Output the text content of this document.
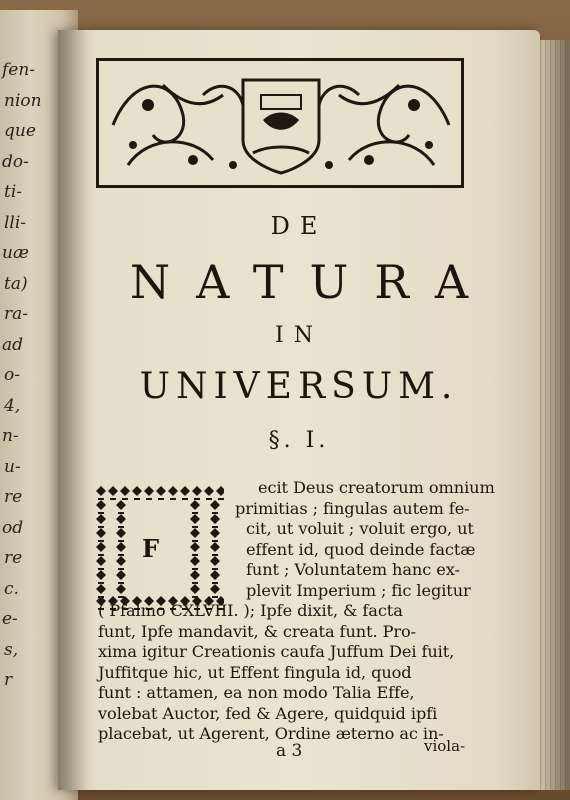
fen-
nion
que
do-
ti-
lli-
uæ
ta)
ra-
ad
o-
4,
n-
u-
re
od
re
c.
e-
s,
r
DE
NATURA
IN
UNIVERSUM.
§. I.
F
ecit Deus creatorum omnium
primitias ; fingulas autem fe-
cit, ut voluit ; voluit ergo, ut
effent id, quod deinde factæ
funt ; Voluntatem hanc ex-
plevit Imperium ; fic legitur
( Pfalmo CXLVIII. ); Ipfe dixit, & facta
funt, Ipfe mandavit, & creata funt. Pro-
xima igitur Creationis caufa Juffum Dei fuit,
Juffitque hic, ut Effent fingula id, quod
funt : attamen, ea non modo Talia Effe,
volebat Auctor, fed & Agere, quidquid ipfi
placebat, ut Agerent, Ordine æterno ac in-
a 3	viola-
